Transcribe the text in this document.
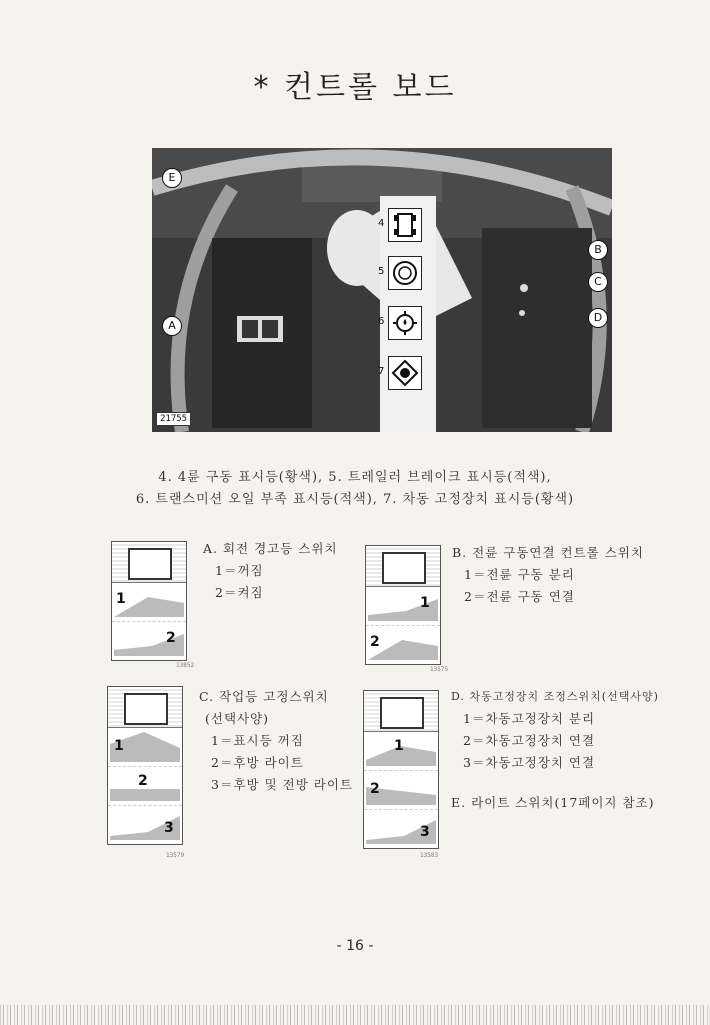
* 컨트롤 보드
4
5
6
7
E
A
B
C
D
21755
4. 4륜 구동 표시등(황색), 5. 트레일러 브레이크 표시등(적색),
6. 트랜스미션 오일 부족 표시등(적색), 7. 차동 고정장치 표시등(황색)
1
2
13852
A. 회전 경고등 스위치
1＝꺼짐
2＝켜짐
1
2
13575
B. 전륜 구동연결 컨트롤 스위치
1＝전륜 구동 분리
2＝전륜 구동 연결
1
2
3
13579
C. 작업등 고정스위치
(선택사양)
1＝표시등 꺼짐
2＝후방 라이트
3＝후방 및 전방 라이트
1
2
3
13583
D. 차동고정장치 조정스위치(선택사양)
1＝차동고정장치 분리
2＝차동고정장치 연결
3＝차동고정장치 연결
E. 라이트 스위치(17페이지 참조)
- 16 -
